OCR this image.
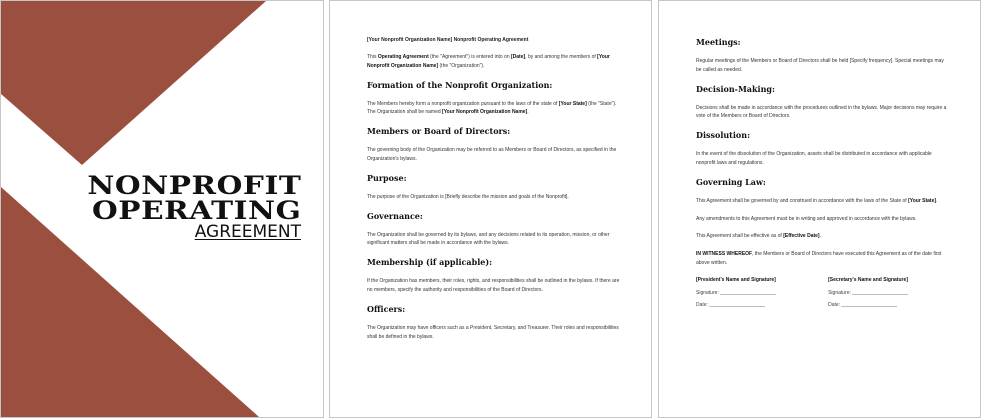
NONPROFIT
OPERATING
AGREEMENT
[Your Nonprofit Organization Name] Nonprofit Operating Agreement
This Operating Agreement (the "Agreement") is entered into on [Date], by and among the members of [Your Nonprofit Organization Name] (the "Organization").
Formation of the Nonprofit Organization:
The Members hereby form a nonprofit organization pursuant to the laws of the state of [Your State] (the "State"). The Organization shall be named [Your Nonprofit Organization Name].
Members or Board of Directors:
The governing body of the Organization may be referred to as Members or Board of Directors, as specified in the Organization's bylaws.
Purpose:
The purpose of the Organization is [Briefly describe the mission and goals of the Nonprofit].
Governance:
The Organization shall be governed by its bylaws, and any decisions related to its operation, mission, or other significant matters shall be made in accordance with the bylaws.
Membership (if applicable):
If the Organization has members, their roles, rights, and responsibilities shall be outlined in the bylaws. If there are no members, specify the authority and responsibilities of the Board of Directors.
Officers:
The Organization may have officers such as a President, Secretary, and Treasurer. Their roles and responsibilities shall be defined in the bylaws.
Meetings:
Regular meetings of the Members or Board of Directors shall be held [Specify frequency]. Special meetings may be called as needed.
Decision-Making:
Decisions shall be made in accordance with the procedures outlined in the bylaws. Major decisions may require a vote of the Members or Board of Directors.
Dissolution:
In the event of the dissolution of the Organization, assets shall be distributed in accordance with applicable nonprofit laws and regulations.
Governing Law:
This Agreement shall be governed by and construed in accordance with the laws of the State of [Your State].
Any amendments to this Agreement must be in writing and approved in accordance with the bylaws.
This Agreement shall be effective as of [Effective Date].
IN WITNESS WHEREOF, the Members or Board of Directors have executed this Agreement as of the date first above written.
[President's Name and Signature]
Signature: ____________________
Date: ____________________
[Secretary's Name and Signature]
Signature: ____________________
Date: ____________________
